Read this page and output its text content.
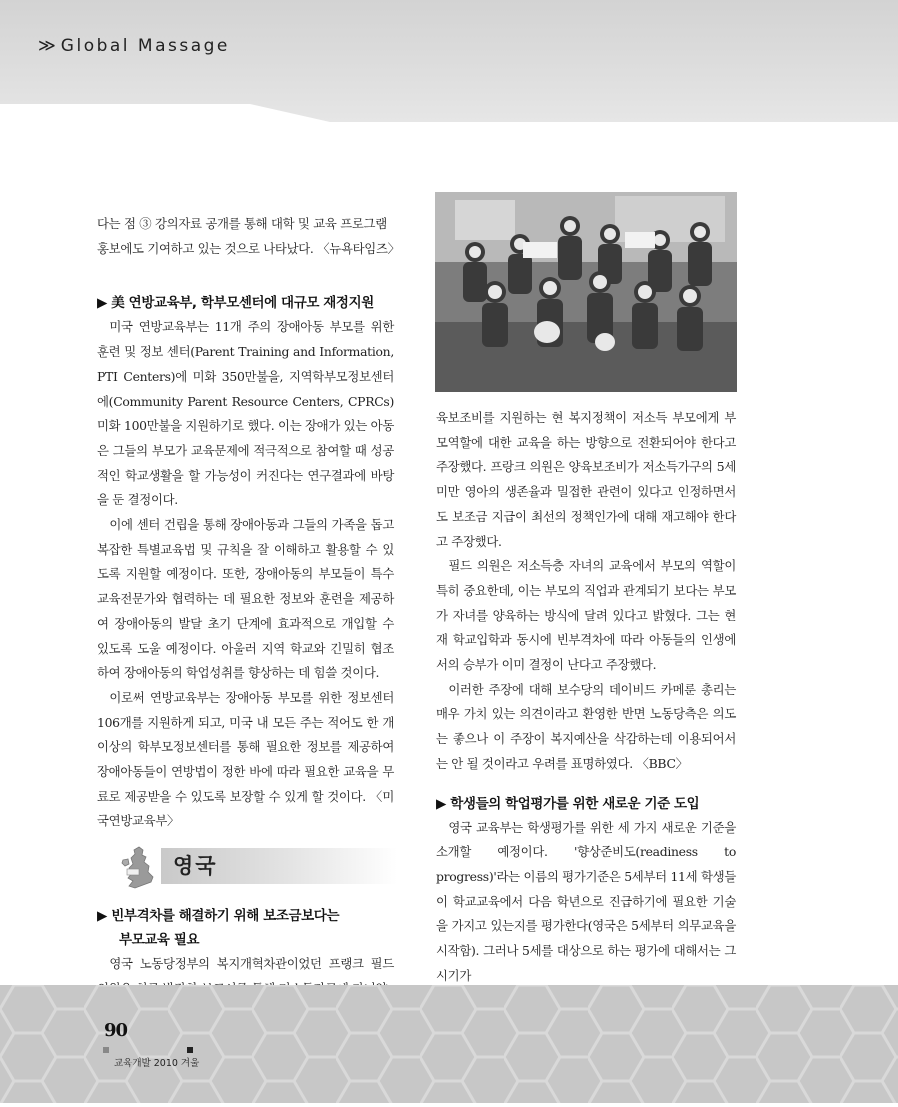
≫ Global Massage

다는 점 ③ 강의자료 공개를 통해 대학 및 교육 프로그램

홍보에도 기여하고 있는 것으로 나타났다. 〈뉴욕타임즈〉

▶ 美 연방교육부, 학부모센터에 대규모 재정지원

미국 연방교육부는 11개 주의 장애아동 부모를 위한 훈련 및 정보 센터(Parent Training and Information, PTI Centers)에 미화 350만불을, 지역학부모정보센터에(Community Parent Resource Centers, CPRCs) 미화 100만불을 지원하기로 했다. 이는 장애가 있는 아동은 그들의 부모가 교육문제에 적극적으로 참여할 때 성공적인 학교생활을 할 가능성이 커진다는 연구결과에 바탕을 둔 결정이다.

이에 센터 건립을 통해 장애아동과 그들의 가족을 돕고 복잡한 특별교육법 및 규칙을 잘 이해하고 활용할 수 있도록 지원할 예정이다. 또한, 장애아동의 부모들이 특수교육전문가와 협력하는 데 필요한 정보와 훈련을 제공하여 장애아동의 발달 초기 단계에 효과적으로 개입할 수 있도록 도울 예정이다. 아울러 지역 학교와 긴밀히 협조하여 장애아동의 학업성취를 향상하는 데 힘쓸 것이다.

이로써 연방교육부는 장애아동 부모를 위한 정보센터 106개를 지원하게 되고, 미국 내 모든 주는 적어도 한 개 이상의 학부모정보센터를 통해 필요한 정보를 제공하여 장애아동들이 연방법이 정한 바에 따라 필요한 교육을 무료로 제공받을 수 있도록 보장할 수 있게 할 것이다. 〈미국연방교육부〉

영국

▶ 빈부격차를 해결하기 위해 보조금보다는
부모교육 필요

영국 노동당정부의 복지개혁차관이었던 프랭크 필드

육보조비를 지원하는 현 복지정책이 저소득 부모에게 부모역할에 대한 교육을 하는 방향으로 전환되어야 한다고 주장했다. 프랑크 의원은 양육보조비가 저소득가구의 5세 미만 영아의 생존율과 밀접한 관련이 있다고 인정하면서도 보조금 지급이 최선의 정책인가에 대해 재고해야 한다고 주장했다.

필드 의원은 저소득층 자녀의 교육에서 부모의 역할이 특히 중요한데, 이는 부모의 직업과 관계되기 보다는 부모가 자녀를 양육하는 방식에 달려 있다고 밝혔다. 그는 현재 학교입학과 동시에 빈부격차에 따라 아동들의 인생에서의 승부가 이미 결정이 난다고 주장했다.

이러한 주장에 대해 보수당의 데이비드 카메룬 총리는 매우 가치 있는 의견이라고 환영한 반면 노동당측은 의도는 좋으나 이 주장이 복지예산을 삭감하는데 이용되어서는 안 될 것이라고 우려를 표명하였다. 〈BBC〉

▶ 학생들의 학업평가를 위한 새로운 기준 도입

영국 교육부는 학생평가를 위한 세 가지 새로운 기준을 소개할 예정이다. '향상준비도(readiness to progress)'라는 이름의 평가기준은 5세부터 11세 학생들이 학교교육에서 다음 학년으로 진급하기에 필요한 기술을 가지고 있는지를 평가한다(영국은 5세부터 의무교육을 시작함). 그러나 5세를 대상으로 하는 평가에 대해서는 그 시기가

90
교육개발 2010 겨울
